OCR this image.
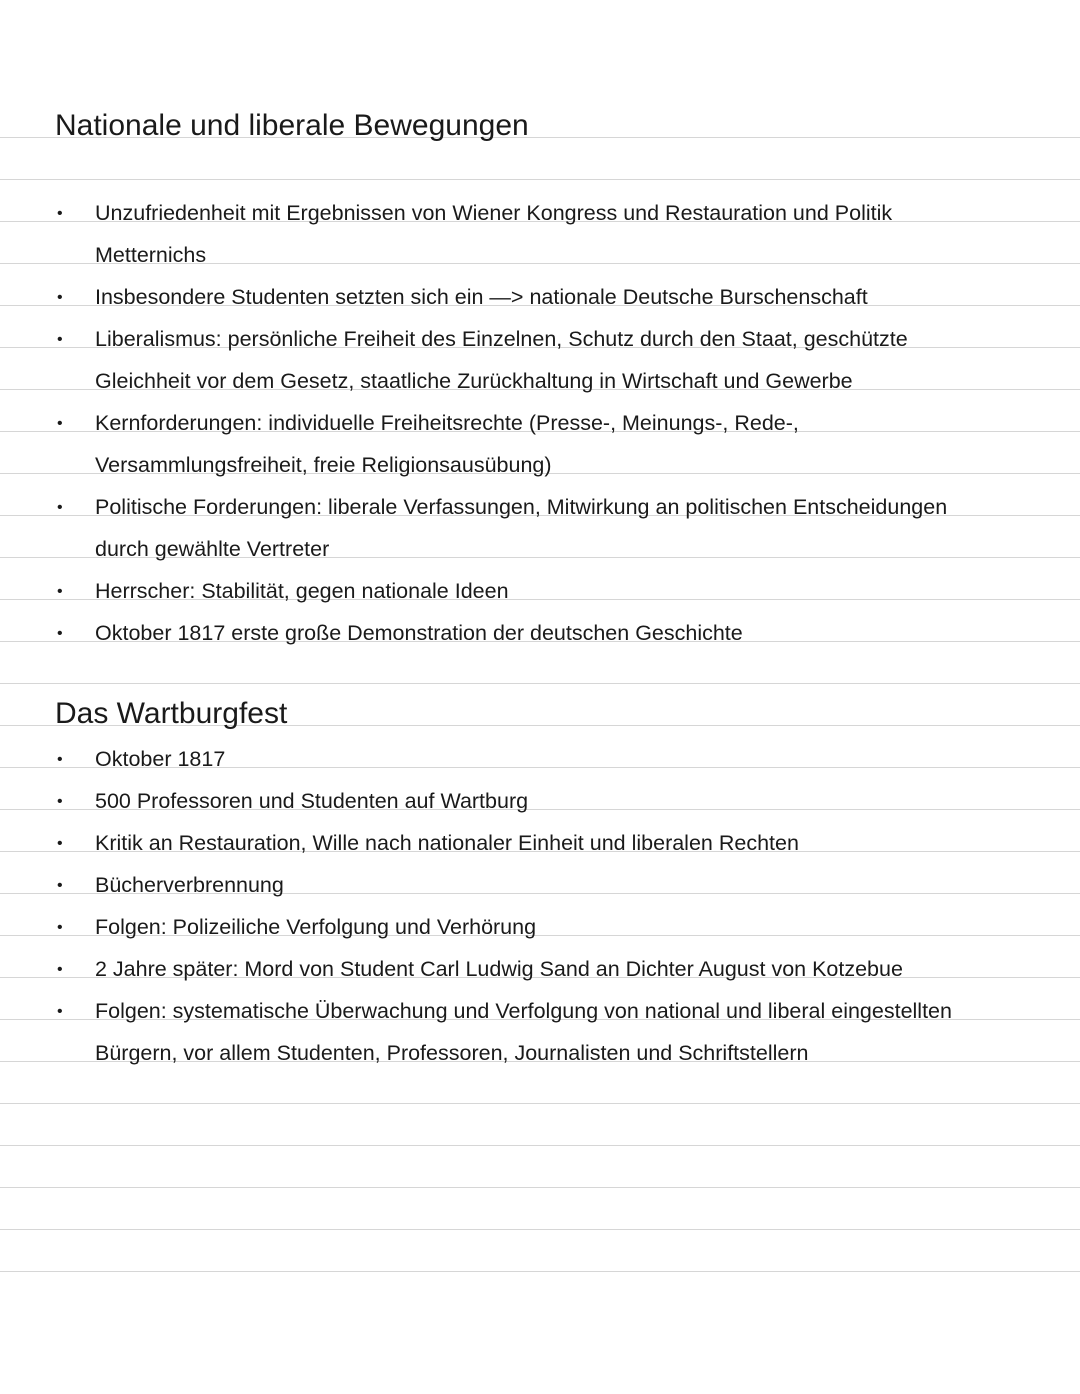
Nationale und liberale Bewegungen
• Unzufriedenheit mit Ergebnissen von Wiener Kongress und Restauration und Politik
Metternichs
• Insbesondere Studenten setzten sich ein —> nationale Deutsche Burschenschaft
• Liberalismus: persönliche Freiheit des Einzelnen, Schutz durch den Staat, geschützte
Gleichheit vor dem Gesetz, staatliche Zurückhaltung in Wirtschaft und Gewerbe
• Kernforderungen: individuelle Freiheitsrechte (Presse-, Meinungs-, Rede-,
Versammlungsfreiheit, freie Religionsausübung)
• Politische Forderungen: liberale Verfassungen, Mitwirkung an politischen Entscheidungen
durch gewählte Vertreter
• Herrscher: Stabilität, gegen nationale Ideen
• Oktober 1817 erste große Demonstration der deutschen Geschichte
Das Wartburgfest
• Oktober 1817
• 500 Professoren und Studenten auf Wartburg
• Kritik an Restauration, Wille nach nationaler Einheit und liberalen Rechten
• Bücherverbrennung
• Folgen: Polizeiliche Verfolgung und Verhörung
• 2 Jahre später: Mord von Student Carl Ludwig Sand an Dichter August von Kotzebue
• Folgen: systematische Überwachung und Verfolgung von national und liberal eingestellten
Bürgern, vor allem Studenten, Professoren, Journalisten und Schriftstellern
